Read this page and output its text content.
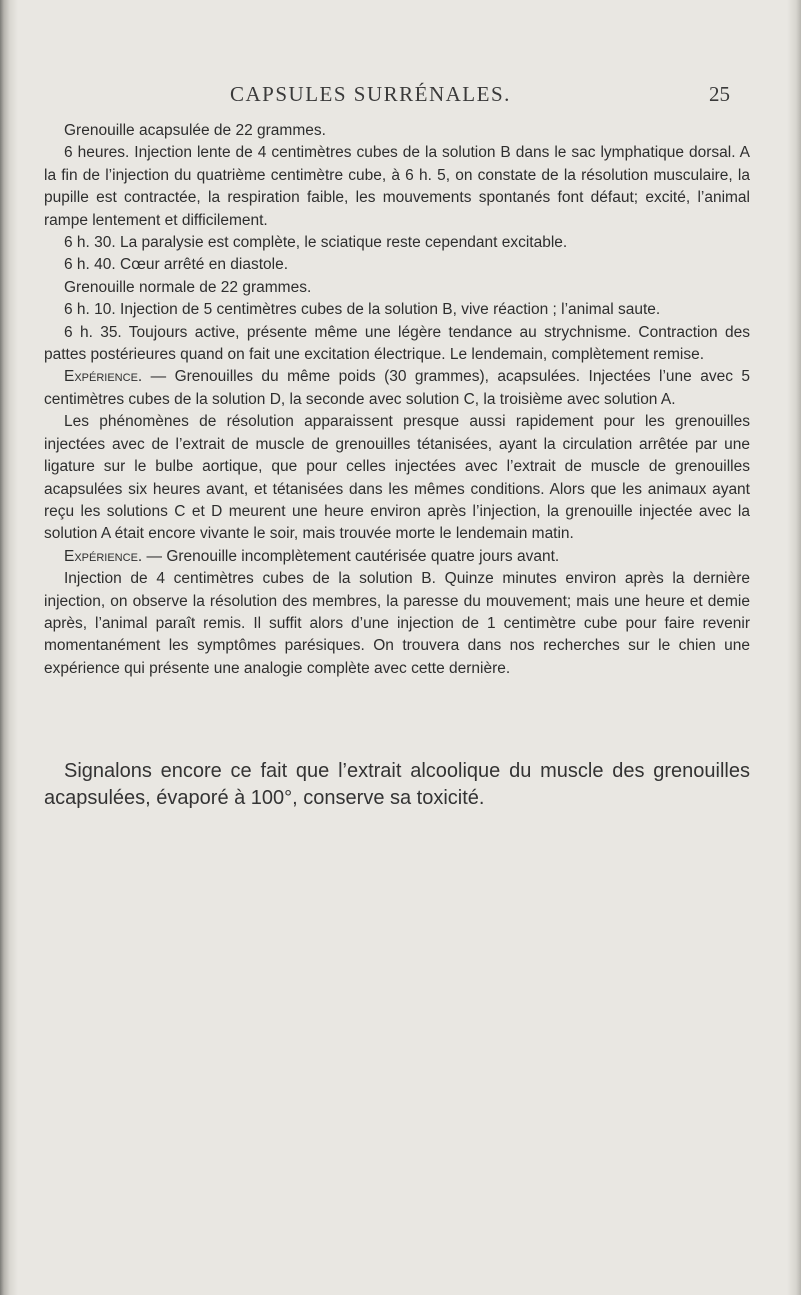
CAPSULES SURRÉNALES.	25

Grenouille acapsulée de 22 grammes.

6 heures. Injection lente de 4 centimètres cubes de la solution B dans le sac lymphatique dorsal. A la fin de l’injection du quatrième centimètre cube, à 6 h. 5, on constate de la résolution musculaire, la pupille est contractée, la respiration faible, les mouvements spontanés font défaut; excité, l’animal rampe lentement et difficilement.

6 h. 30. La paralysie est complète, le sciatique reste cependant excitable.

6 h. 40. Cœur arrêté en diastole.

Grenouille normale de 22 grammes.

6 h. 10. Injection de 5 centimètres cubes de la solution B, vive réaction ; l’animal saute.

6 h. 35. Toujours active, présente même une légère tendance au strychnisme. Contraction des pattes postérieures quand on fait une excitation électrique. Le lendemain, complètement remise.

Expérience. — Grenouilles du même poids (30 grammes), acapsulées. Injectées l’une avec 5 centimètres cubes de la solution D, la seconde avec solution C, la troisième avec solution A.

Les phénomènes de résolution apparaissent presque aussi rapidement pour les grenouilles injectées avec de l’extrait de muscle de grenouilles tétanisées, ayant la circulation arrêtée par une ligature sur le bulbe aortique, que pour celles injectées avec l’extrait de muscle de grenouilles acapsulées six heures avant, et tétanisées dans les mêmes conditions. Alors que les animaux ayant reçu les solutions C et D meurent une heure environ après l’injection, la grenouille injectée avec la solution A était encore vivante le soir, mais trouvée morte le lendemain matin.

Expérience. — Grenouille incomplètement cautérisée quatre jours avant.

Injection de 4 centimètres cubes de la solution B. Quinze minutes environ après la dernière injection, on observe la résolution des membres, la paresse du mouvement; mais une heure et demie après, l’animal paraît remis. Il suffit alors d’une injection de 1 centimètre cube pour faire revenir momentanément les symptômes parésiques. On trouvera dans nos recherches sur le chien une expérience qui présente une analogie complète avec cette dernière.

Signalons encore ce fait que l’extrait alcoolique du muscle des grenouilles acapsulées, évaporé à 100°, conserve sa toxicité.
